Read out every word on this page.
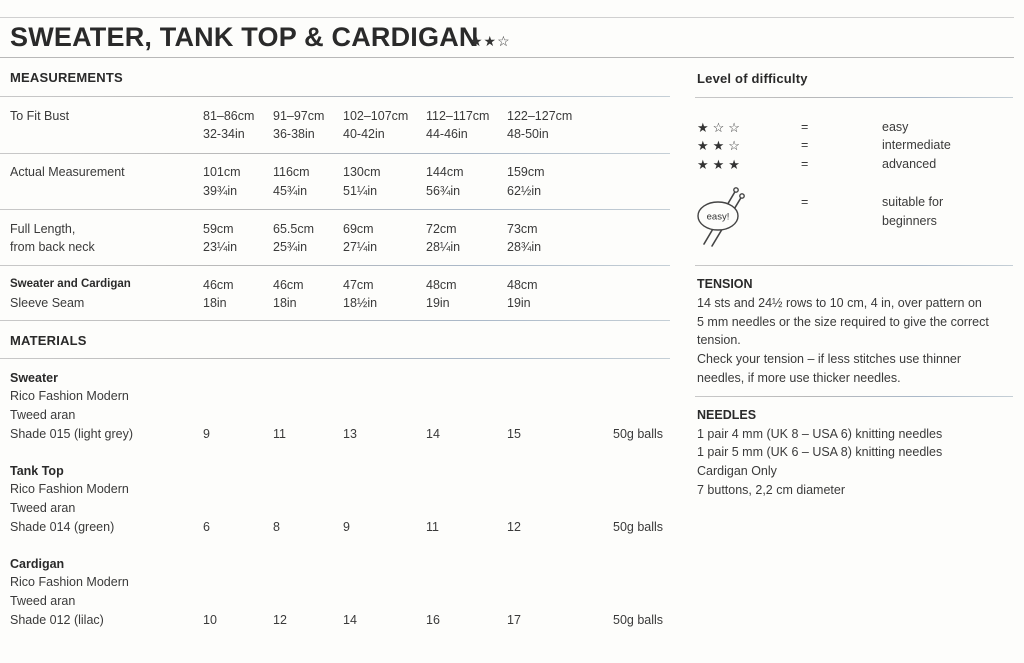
SWEATER, TANK TOP & CARDIGAN
★★☆
MEASUREMENTS
To Fit Bust	81–86cm 91–97cm 102–107cm 112–117cm 122–127cm
32-34in 36-38in 40-42in	44-46in	48-50in
Actual Measurement	101cm	116cm	130cm	144cm	159cm
39¾in	45¾in	51¼in	56¾in	62½in
Full Length,
from back neck
59cm	65.5cm 69cm	72cm	73cm
23¼in	25¾in	27¼in	28¼in	28¾in
Sweater and Cardigan
Sleeve Seam
46cm	46cm	47cm	48cm	48cm
18in	18in	18½in	19in	19in
MATERIALS
Sweater
Rico Fashion Modern
Tweed aran
Shade 015 (light grey)	9	11	13	14	15	50g balls
Tank Top
Rico Fashion Modern
Tweed aran
Shade 014 (green)	6	8	9	11	12	50g balls
Cardigan
Rico Fashion Modern
Tweed aran
Shade 012 (lilac)	10	12	14	16	17	50g balls
Level of difficulty
★☆☆	=	easy
★★☆	=	intermediate
★★★	=	advanced
easy!
=	suitable for
beginners
TENSION
14 sts and 24½ rows to 10 cm, 4 in, over pattern on
5 mm needles or the size required to give the correct
tension.
Check your tension – if less stitches use thinner
needles, if more use thicker needles.
NEEDLES
1 pair 4 mm (UK 8 – USA 6) knitting needles
1 pair 5 mm (UK 6 – USA 8) knitting needles
Cardigan Only
7 buttons, 2,2 cm diameter
